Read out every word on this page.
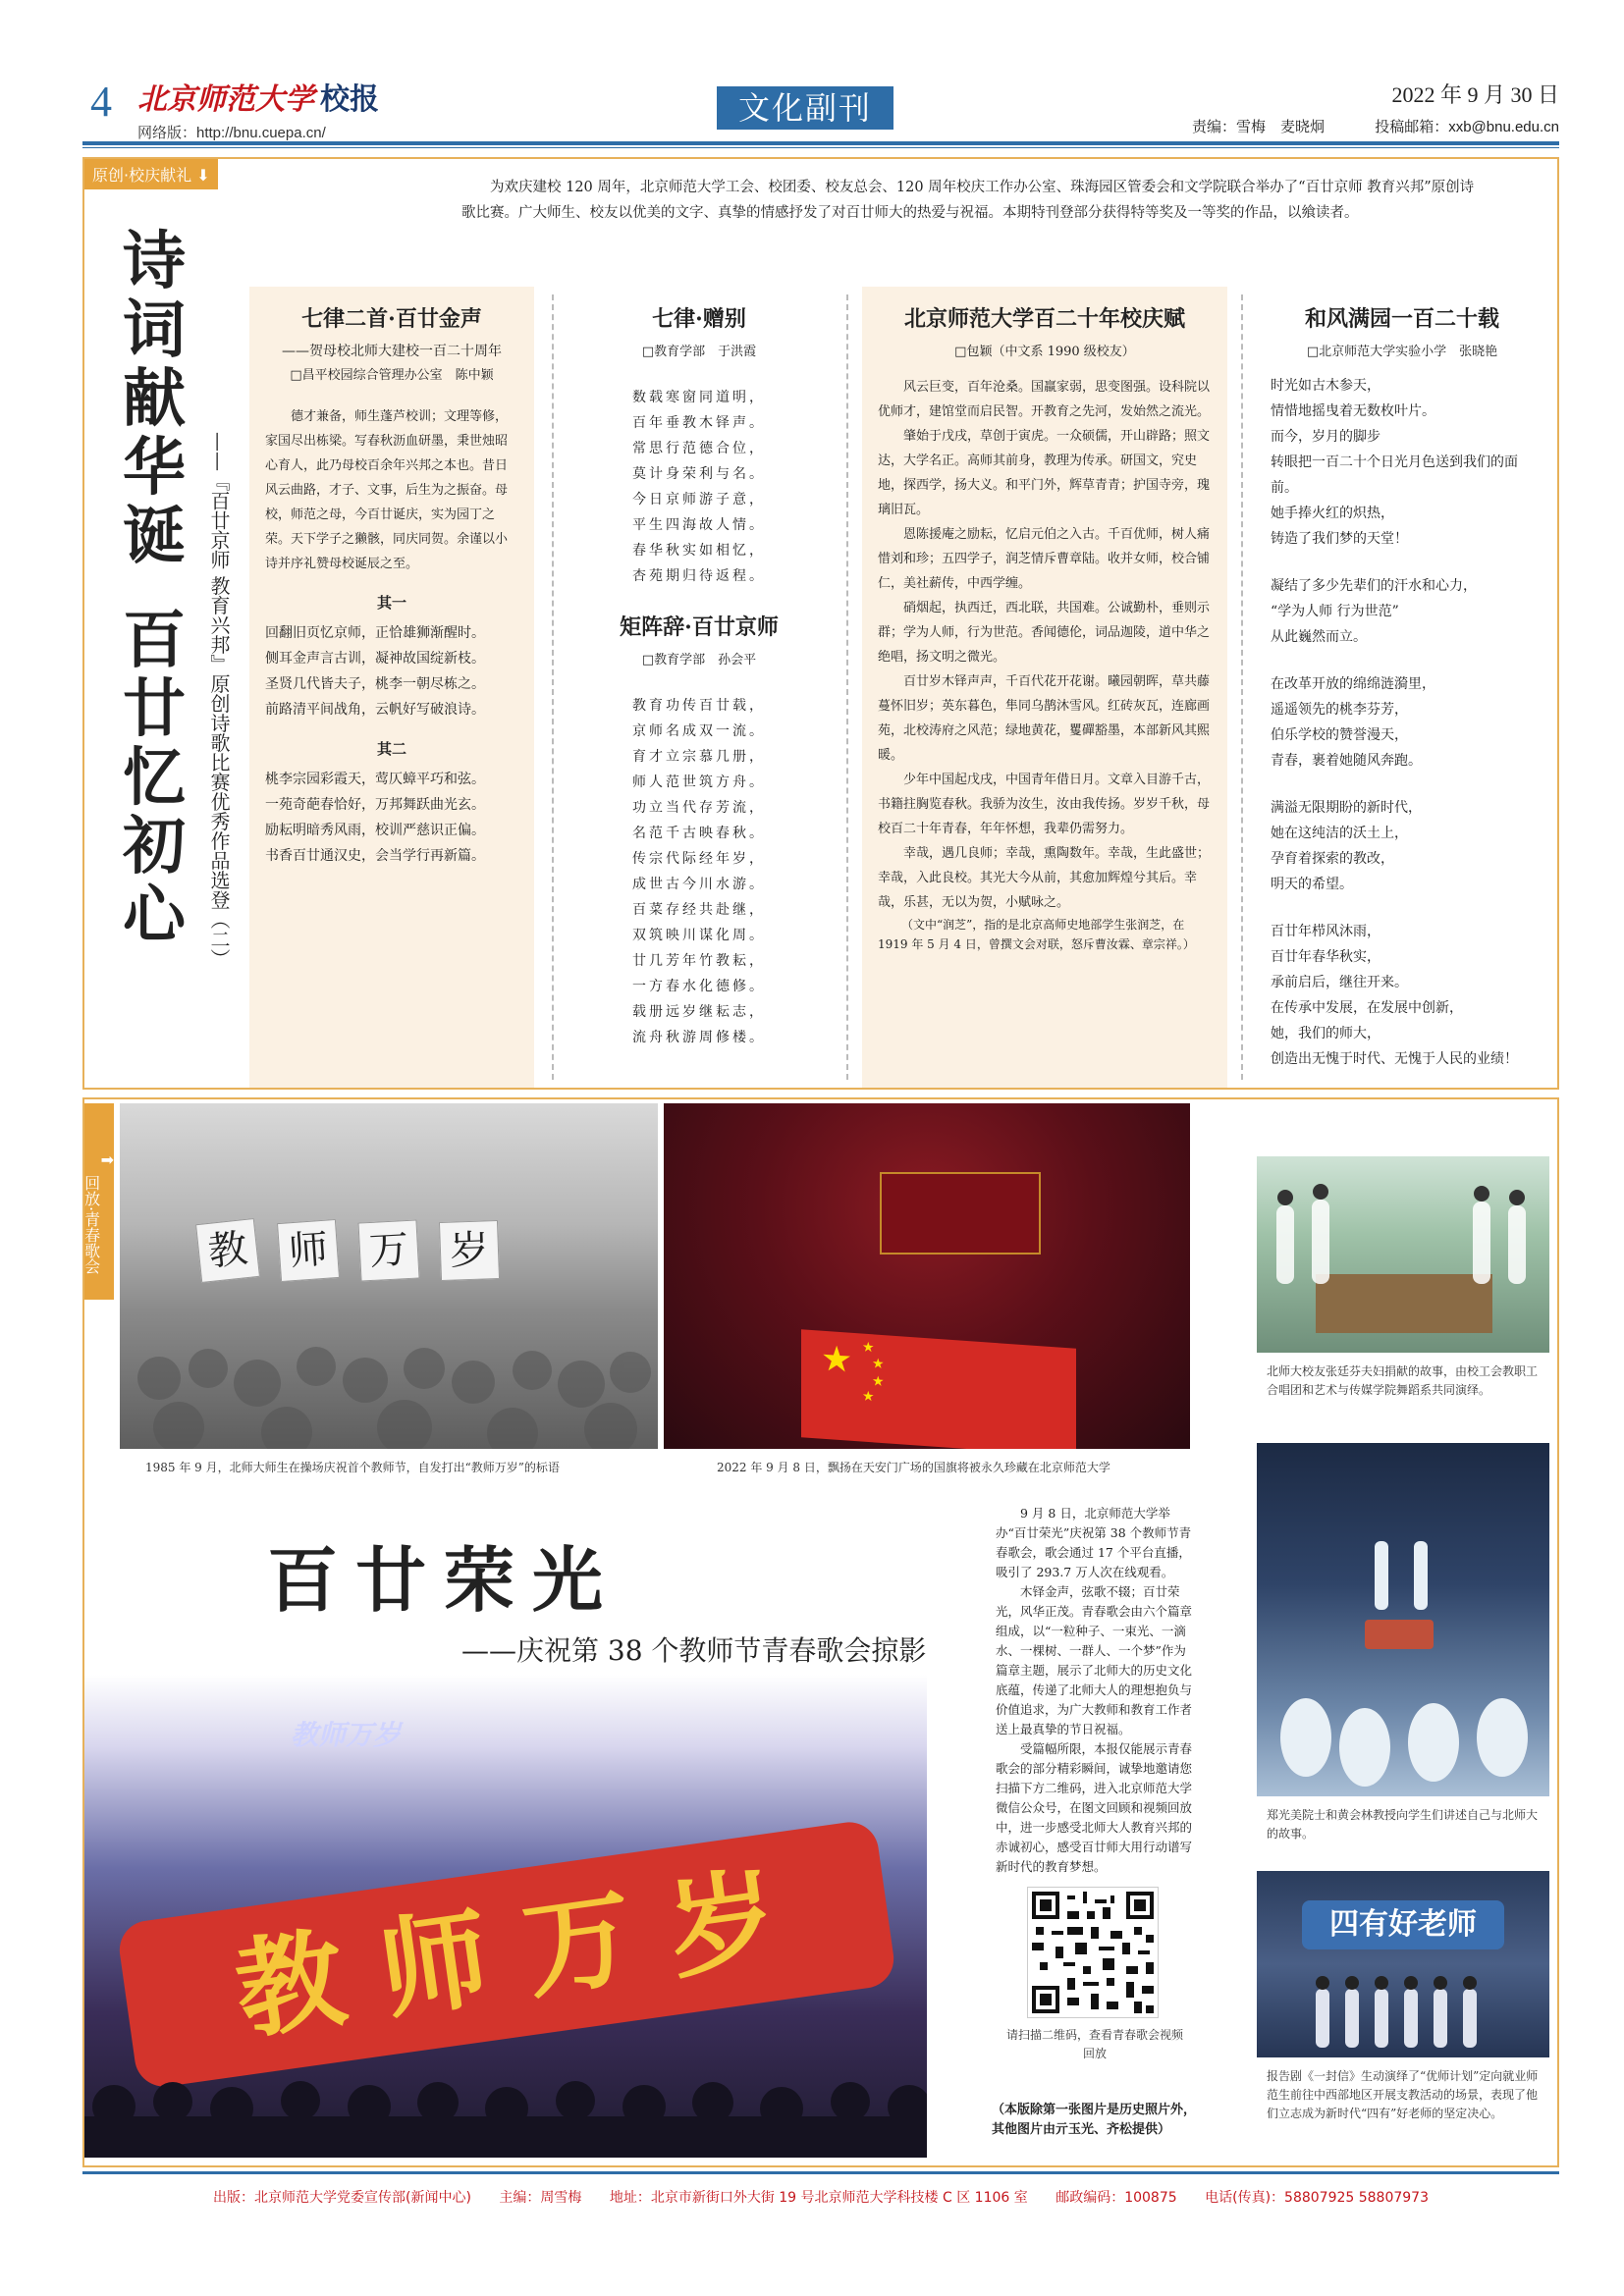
4 北京师范大学 校报
网络版：http://bnu.cuepa.cn/
文化副刊	2022 年 9 月 30 日
责编：雪梅　麦晓炯	投稿邮箱：xxb@bnu.edu.cn
原创·校庆献礼 ⬇
为欢庆建校 120 周年，北京师范大学工会、校团委、校友总会、120 周年校庆工作办公室、珠海园区管委会和文学院联合举办了“百廿京师 教育兴邦”原创诗歌比赛。广大师生、校友以优美的文字、真挚的情感抒发了对百廿师大的热爱与祝福。本期特刊登部分获得特等奖及一等奖的作品，以飨读者。
诗
词
献
华
诞
百
廿
忆
初
心	——『百廿京师 教育兴邦』原创诗歌比赛优秀作品选登（二）
七律二首·百廿金声
——贺母校北师大建校一百二十周年
□昌平校园综合管理办公室　陈中颖

德才兼备，师生蓬芦校训；文理等修，家国尽出栋梁。写春秋沥血研墨，秉世烛昭心育人，此乃母校百余年兴邦之本也。昔日风云曲路，才子、文事，后生为之振奋。母校，师范之母，今百廿诞庆，实为园丁之荣。天下学子之獭骸，同庆同贺。余谨以小诗并序礼赞母校诞辰之至。

其一

回翻旧页忆京师，正恰雄狮渐醒时。

侧耳金声言古训，凝神故国绽新枝。

圣贤几代皆夫子，桃李一朝尽栋之。

前路清平间战角，云帆好写破浪诗。

其二

桃李宗园彩霞天，莺仄蟑平巧和弦。

一苑奇葩春恰好，万邦舞跃曲光玄。

励耘明暗秀风雨，校训严慈识正偏。

书香百廿通汉史，会当学行再新篇。

七律·赠别
□教育学部　于洪霞

数载寒窗同道明，

百年垂教木铎声。

常思行范德合位，

莫计身荣利与名。

今日京师游子意，

平生四海故人情。

春华秋实如相忆，

杏苑期归待返程。

矩阵辞·百廿京师
□教育学部　孙会平

教育功传百廿载，

京师名成双一流。

育才立宗慕几册，

师人范世筑方舟。

功立当代存芳流，

名范千古映春秋。

传宗代际经年岁，

成世古今川水游。

百菜存经共赴继，

双筑映川谋化周。

廿几芳年竹教耘，

一方春水化德修。

载册远岁继耘志，

流舟秋游周修楼。

北京师范大学百二十年校庆赋
□包颖（中文系 1990 级校友）

风云巨变，百年沧桑。国羸家弱，思变图强。设科院以优师才，建馆堂而启民智。开教育之先河，发始然之流光。

肇始于戊戌，草创于寅虎。一众硕儒，开山辟路；照文达，大学名正。高师其前身，教理为传承。研国文，究史地，探西学，扬大义。和平门外，辉草青青；护国寺旁，瑰璃旧瓦。

恩陈援庵之励耘，忆启元伯之入古。千百优师，树人痛惜刘和珍；五四学子，润芝情斥曹章陆。收并女师，校合铺仁，美社薪传，中西学缠。

硝烟起，执西迁，西北联，共国难。公诚勤朴，垂则示群；学为人师，行为世范。香闻德伦，词品迦陵，道中华之绝唱，扬文明之微光。

百廿岁木铎声声，千百代花开花谢。曦园朝晖，草共藤蔓怀旧岁；英东暮色，隼同乌鹊沐雪风。红砖灰瓦，连廊画苑，北校涛府之风范；绿地黄花，矍磾豁墨，本部新风其熙暖。

少年中国起戊戌，中国青年借日月。文章入目游千古，书籍拄胸览春秋。我骄为汝生，汝由我传扬。岁岁千秋，母校百二十年青春，年年怀想，我辈仍需努力。

幸哉，遇几良师；幸哉，熏陶数年。幸哉，生此盛世；幸哉，入此良校。其光大今从前，其愈加辉煌兮其后。幸哉，乐甚，无以为贺，小赋咏之。

（文中“润芝”，指的是北京高师史地部学生张润芝，在 1919 年 5 月 4 日，曾撰文会对联，怒斥曹汝霖、章宗祥。）

和风满园一百二十载
□北京师范大学实验小学　张晓艳

时光如古木参天，

情惜地摇曳着无数枚叶片。

而今，岁月的脚步

转眼把一百二十个日光月色送到我们的面前。

她手捧火红的炽热，

铸造了我们梦的天堂！

凝结了多少先辈们的汗水和心力，

“学为人师 行为世范”

从此巍然而立。

在改革开放的绵绵涟漪里，

遥遥领先的桃李芬芳，

伯乐学校的赞誉漫天，

青春，裹着她随风奔跑。

满溢无限期盼的新时代，

她在这纯洁的沃土上，

孕育着探索的教改，

明天的希望。

百廿年栉风沐雨，

百廿年春华秋实，

承前启后，继往开来。

在传承中发展，在发展中创新，

她，我们的师大，

创造出无愧于时代、无愧于人民的业绩！

➡
回放·青春歌会	教 师 万 岁
1985 年 9 月，北师大师生在操场庆祝首个教师节，自发打出“教师万岁”的标语
★ ★
★
★
★
2022 年 9 月 8 日，飘扬在天安门广场的国旗将被永久珍藏在北京师范大学
百廿荣光
——庆祝第 38 个教师节青春歌会掠影
教师万岁
教 师 万 岁

9 月 8 日，北京师范大学举办“百廿荣光”庆祝第 38 个教师节青春歌会，歌会通过 17 个平台直播，吸引了 293.7 万人次在线观看。

木铎金声，弦歌不辍；百廿荣光，风华正茂。青春歌会由六个篇章组成，以“一粒种子、一束光、一滴水、一棵树、一群人、一个梦”作为篇章主题，展示了北师大的历史文化底蕴，传递了北师大人的理想抱负与价值追求，为广大教师和教育工作者送上最真挚的节日祝福。

受篇幅所限，本报仅能展示青春歌会的部分精彩瞬间，诚挚地邀请您扫描下方二维码，进入北京师范大学微信公众号，在图文回顾和视频回放中，进一步感受北师大人教育兴邦的赤诚初心，感受百廿师大用行动谱写新时代的教育梦想。

请扫描二维码，查看青春歌会视频回放
（本版除第一张图片是历史照片外，其他图片由亓玉光、齐松提供）
北师大校友张廷芬夫妇捐献的故事，由校工会教职工合唱团和艺术与传媒学院舞蹈系共同演绎。
郑光美院士和黄会林教授向学生们讲述自己与北师大的故事。
四有好老师
报告剧《一封信》生动演绎了“优师计划”定向就业师范生前往中西部地区开展支教活动的场景，表现了他们立志成为新时代“四有”好老师的坚定决心。
出版：北京师范大学党委宣传部(新闻中心) 主编：周雪梅 地址：北京市新街口外大街 19 号北京师范大学科技楼 C 区 1106 室 邮政编码：100875 电话(传真)：58807925 58807973
